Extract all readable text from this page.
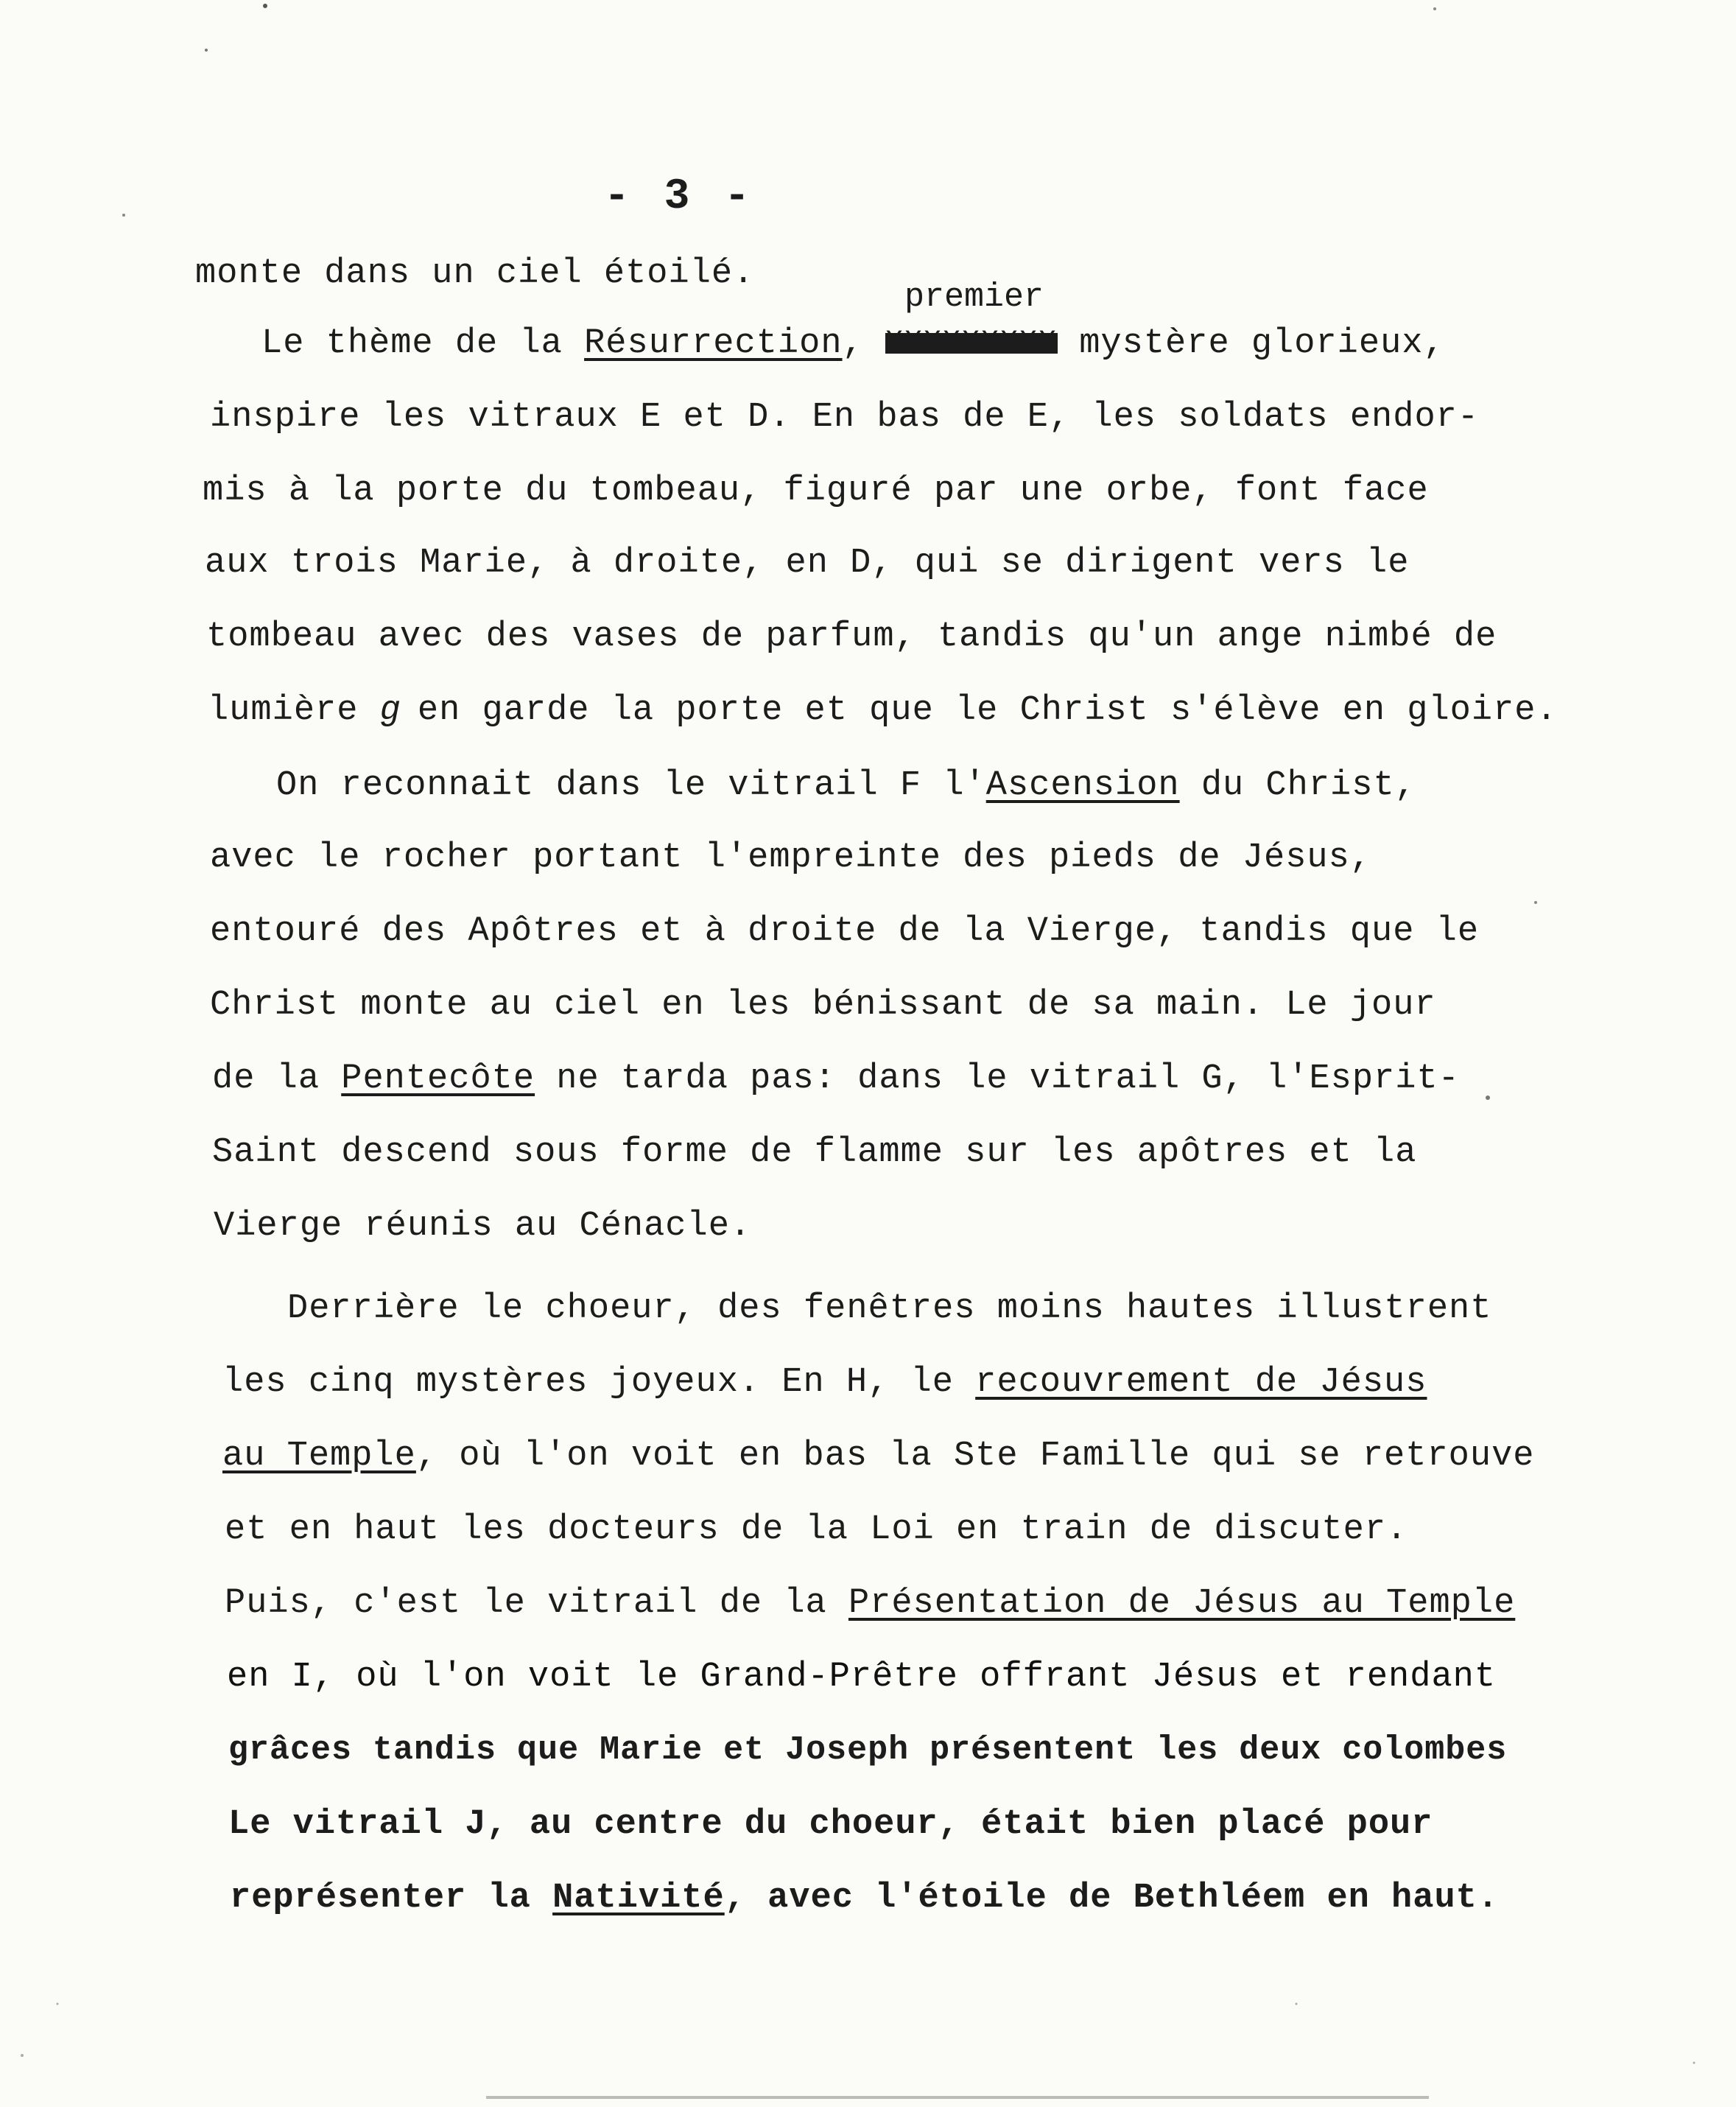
- 3 -
premier
monte dans un ciel étoilé.
Le thème de la Résurrection, XXXXXXXXX mystère glorieux,
inspire les vitraux E et D. En bas de E, les soldats endor-
mis à la porte du tombeau, figuré par une orbe, font face
aux trois Marie, à droite, en D, qui se dirigent vers le
tombeau avec des vases de parfum, tandis qu'un ange nimbé de
lumière g en garde la porte et que le Christ s'élève en gloire.
On reconnait dans le vitrail F l'Ascension du Christ,
avec le rocher portant l'empreinte des pieds de Jésus,
entouré des Apôtres et à droite de la Vierge, tandis que le
Christ monte au ciel en les bénissant de sa main. Le jour
de la Pentecôte ne tarda pas: dans le vitrail G, l'Esprit-
Saint descend sous forme de flamme sur les apôtres et la
Vierge réunis au Cénacle.
Derrière le choeur, des fenêtres moins hautes illustrent
les cinq mystères joyeux. En H, le recouvrement de Jésus
au Temple, où l'on voit en bas la Ste Famille qui se retrouve
et en haut les docteurs de la Loi en train de discuter.
Puis, c'est le vitrail de la Présentation de Jésus au Temple
en I, où l'on voit le Grand-Prêtre offrant Jésus et rendant
grâces tandis que Marie et Joseph présentent les deux colombes
Le vitrail J, au centre du choeur, était bien placé pour
représenter la Nativité, avec l'étoile de Bethléem en haut.
